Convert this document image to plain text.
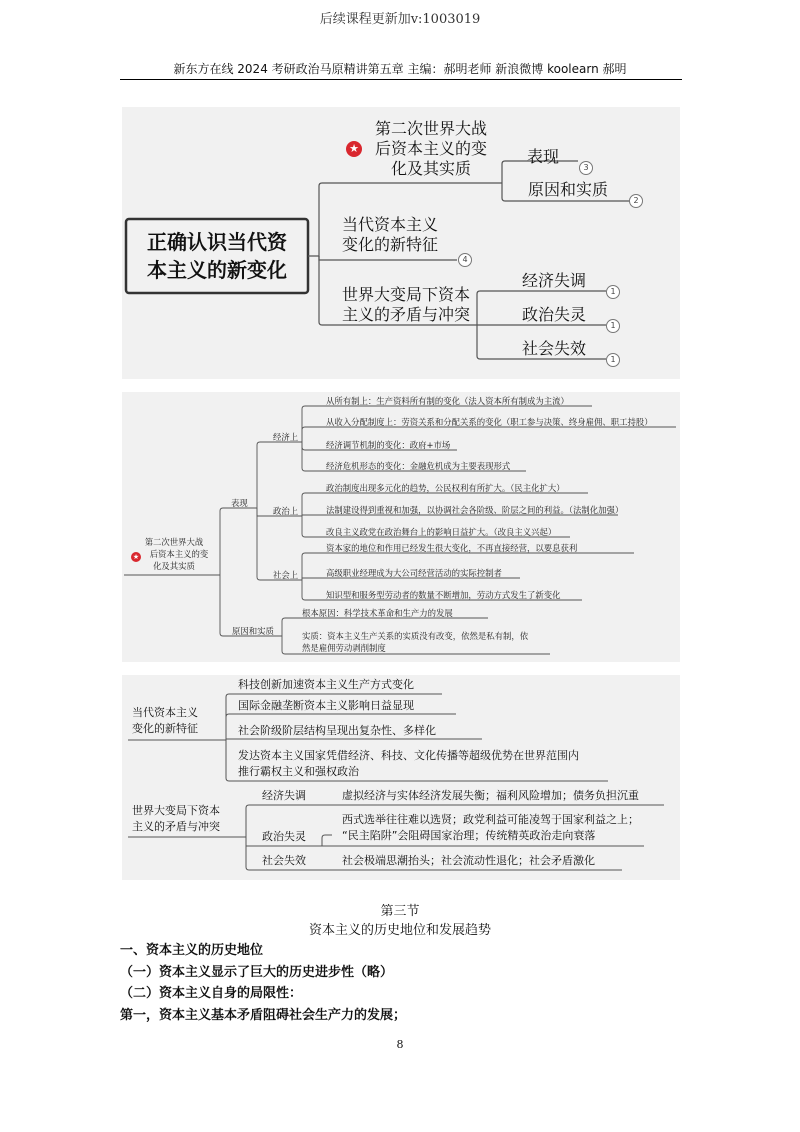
后续课程更新加v:1003019
新东方在线 2024 考研政治马原精讲第五章 主编：郝明老师 新浪微博 koolearn 郝明
正确认识当代资
本主义的新变化
★
第二次世界大战
后资本主义的变
化及其实质
表现
3
原因和实质
2
当代资本主义
变化的新特征
4
世界大变局下资本
主义的矛盾与冲突
经济失调
1
政治失灵
1
社会失效
1
★
第二次世界大战
后资本主义的变
化及其实质
表现
原因和实质
经济上
政治上
社会上
从所有制上：生产资料所有制的变化（法人资本所有制成为主流）
从收入分配制度上：劳资关系和分配关系的变化（职工参与决策、终身雇佣、职工持股）
经济调节机制的变化：政府+市场
经济危机形态的变化：金融危机成为主要表现形式
政治制度出现多元化的趋势，公民权利有所扩大。（民主化扩大）
法制建设得到重视和加强，以协调社会各阶级、阶层之间的利益。（法制化加强）
改良主义政党在政治舞台上的影响日益扩大。（改良主义兴起）
资本家的地位和作用已经发生很大变化，不再直接经营，以要息获利
高级职业经理成为大公司经营活动的实际控制者
知识型和服务型劳动者的数量不断增加，劳动方式发生了新变化
根本原因：科学技术革命和生产力的发展
实质：资本主义生产关系的实质没有改变，依然是私有制，依
然是雇佣劳动剥削制度
当代资本主义
变化的新特征
科技创新加速资本主义生产方式变化
国际金融垄断资本主义影响日益显现
社会阶级阶层结构呈现出复杂性、多样化
发达资本主义国家凭借经济、科技、文化传播等超级优势在世界范围内
推行霸权主义和强权政治
世界大变局下资本
主义的矛盾与冲突
经济失调	虚拟经济与实体经济发展失衡；福利风险增加；债务负担沉重
政治失灵
西式选举往往难以选贤；政党利益可能凌驾于国家利益之上；
“民主陷阱”会阻碍国家治理；传统精英政治走向衰落
社会失效	社会极端思潮抬头；社会流动性退化；社会矛盾激化
第三节
资本主义的历史地位和发展趋势
一、资本主义的历史地位
（一）资本主义显示了巨大的历史进步性（略）
（二）资本主义自身的局限性：
第一，资本主义基本矛盾阻碍社会生产力的发展；
8
